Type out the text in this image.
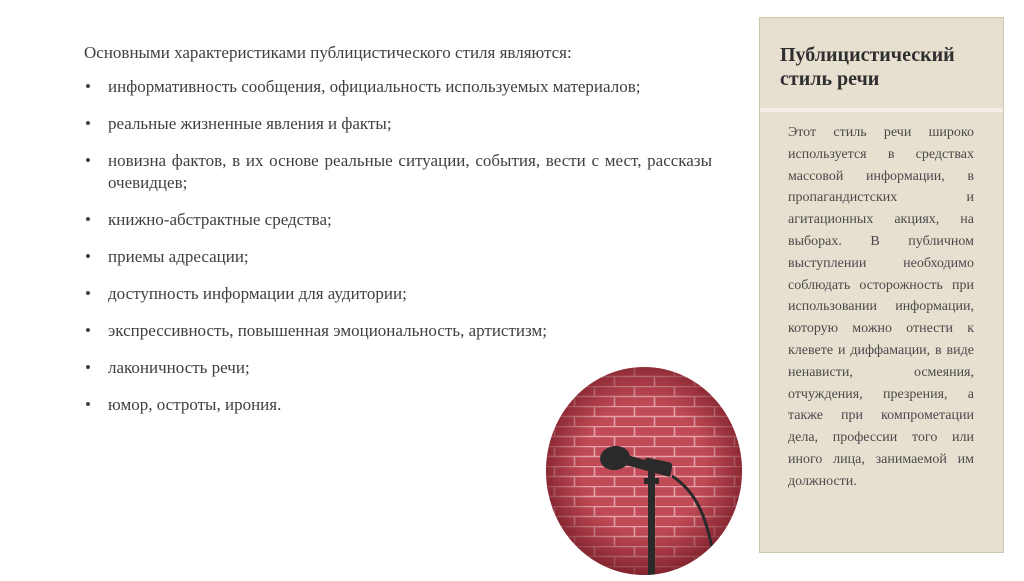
Основными характеристиками публицистического стиля являются:

• информативность сообщения, официальность используемых материалов;
• реальные жизненные явления и факты;
• новизна фактов, в их основе реальные ситуации, события, вести с мест, рассказы очевидцев;
• книжно-абстрактные средства;
• приемы адресации;
• доступность информации для аудитории;
• экспрессивность, повышенная эмоциональность, артистизм;
• лаконичность речи;
• юмор, остроты, ирония.
Публицистический стиль речи
Этот стиль речи широко используется в средствах массовой информации, в пропагандистских и агитационных акциях, на выборах. В публичном выступлении необходимо соблюдать осторожность при использовании информации, которую можно отнести к клевете и диффамации, в виде ненависти, осмеяния, отчуждения, презрения, а также при компрометации дела, профессии того или иного лица, занимаемой им должности.
